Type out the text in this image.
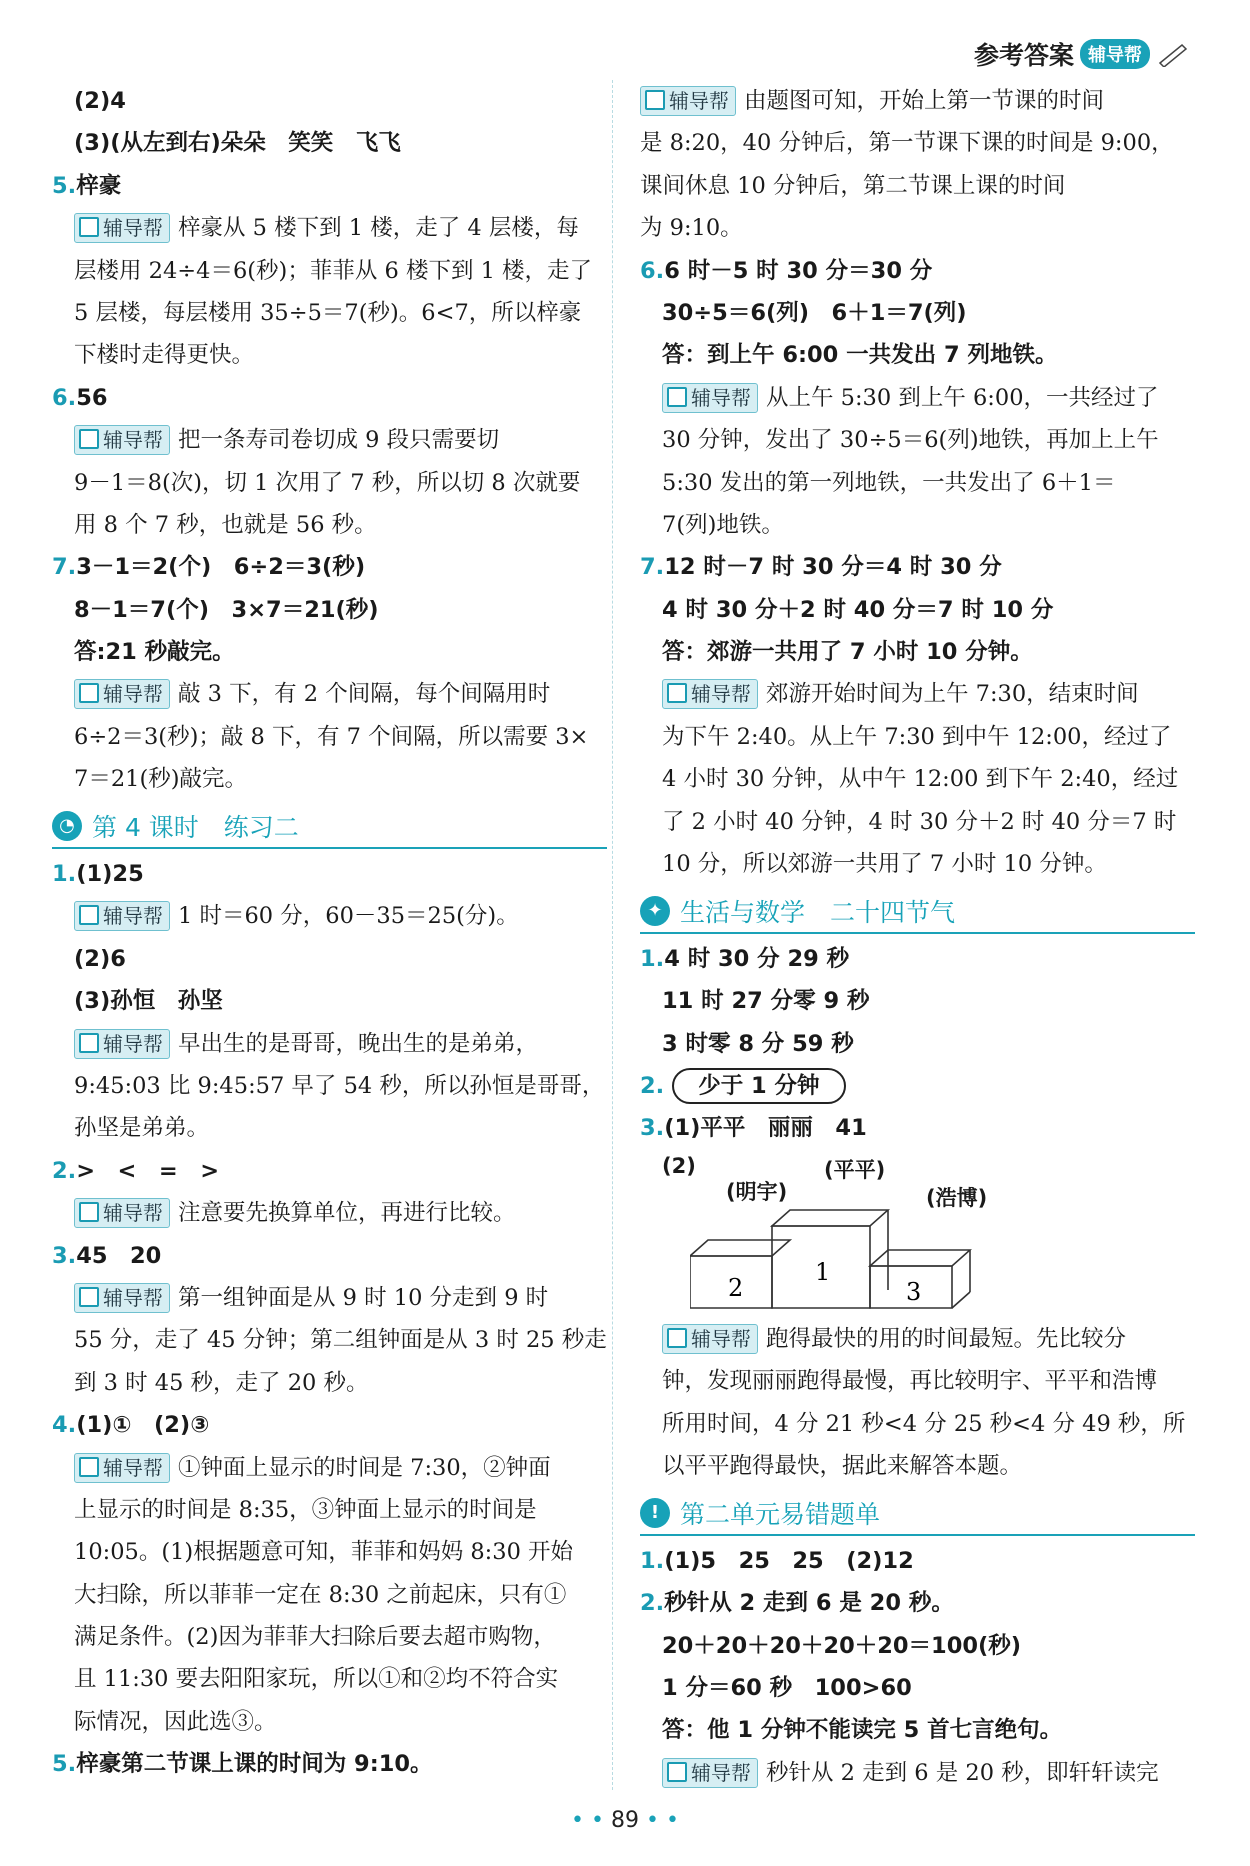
参考答案 辅导帮
(2)4
(3)(从左到右)朵朵　笑笑　飞飞
5.梓豪
辅导帮 梓豪从 5 楼下到 1 楼，走了 4 层楼，每
层楼用 24÷4＝6(秒)；菲菲从 6 楼下到 1 楼，走了
5 层楼，每层楼用 35÷5＝7(秒)。6<7，所以梓豪
下楼时走得更快。
6.56
辅导帮 把一条寿司卷切成 9 段只需要切
9－1＝8(次)，切 1 次用了 7 秒，所以切 8 次就要
用 8 个 7 秒，也就是 56 秒。
7.3－1＝2(个)　6÷2＝3(秒)
8－1＝7(个)　3×7＝21(秒)
答:21 秒敲完。
辅导帮 敲 3 下，有 2 个间隔，每个间隔用时
6÷2＝3(秒)；敲 8 下，有 7 个间隔，所以需要 3×
7＝21(秒)敲完。
◔ 第 4 课时　练习二
1.(1)25
辅导帮 1 时＝60 分，60－35＝25(分)。
(2)6
(3)孙恒　孙坚
辅导帮 早出生的是哥哥，晚出生的是弟弟，
9:45:03 比 9:45:57 早了 54 秒，所以孙恒是哥哥，
孙坚是弟弟。
2.>　<　=　>
辅导帮 注意要先换算单位，再进行比较。
3.45　20
辅导帮 第一组钟面是从 9 时 10 分走到 9 时
55 分，走了 45 分钟；第二组钟面是从 3 时 25 秒走
到 3 时 45 秒，走了 20 秒。
4.(1)①　(2)③
辅导帮 ①钟面上显示的时间是 7:30，②钟面
上显示的时间是 8:35，③钟面上显示的时间是
10:05。(1)根据题意可知，菲菲和妈妈 8:30 开始
大扫除，所以菲菲一定在 8:30 之前起床，只有①
满足条件。(2)因为菲菲大扫除后要去超市购物，
且 11:30 要去阳阳家玩，所以①和②均不符合实
际情况，因此选③。
5.梓豪第二节课上课的时间为 9:10。
辅导帮 由题图可知，开始上第一节课的时间
是 8:20，40 分钟后，第一节课下课的时间是 9:00，
课间休息 10 分钟后，第二节课上课的时间
为 9:10。
6.6 时－5 时 30 分＝30 分
30÷5＝6(列)　6＋1＝7(列)
答：到上午 6:00 一共发出 7 列地铁。
辅导帮 从上午 5:30 到上午 6:00，一共经过了
30 分钟，发出了 30÷5＝6(列)地铁，再加上上午
5:30 发出的第一列地铁，一共发出了 6＋1＝
7(列)地铁。
7.12 时－7 时 30 分＝4 时 30 分
4 时 30 分＋2 时 40 分＝7 时 10 分
答：郊游一共用了 7 小时 10 分钟。
辅导帮 郊游开始时间为上午 7:30，结束时间
为下午 2:40。从上午 7:30 到中午 12:00，经过了
4 小时 30 分钟，从中午 12:00 到下午 2:40，经过
了 2 小时 40 分钟，4 时 30 分＋2 时 40 分＝7 时
10 分，所以郊游一共用了 7 小时 10 分钟。
✦ 生活与数学　二十四节气
1.4 时 30 分 29 秒
11 时 27 分零 9 秒
3 时零 8 分 59 秒
2. 少于 1 分钟
3.(1)平平　丽丽　41
(2)
(明宇)
(平平)
(浩博)
2
1
3
辅导帮 跑得最快的用的时间最短。先比较分
钟，发现丽丽跑得最慢，再比较明宇、平平和浩博
所用时间，4 分 21 秒<4 分 25 秒<4 分 49 秒，所
以平平跑得最快，据此来解答本题。
! 第二单元易错题单
1.(1)5　25　25　(2)12
2.秒针从 2 走到 6 是 20 秒。
20＋20＋20＋20＋20＝100(秒)
1 分＝60 秒　100>60
答：他 1 分钟不能读完 5 首七言绝句。
辅导帮 秒针从 2 走到 6 是 20 秒，即轩轩读完
• • 89 • •
